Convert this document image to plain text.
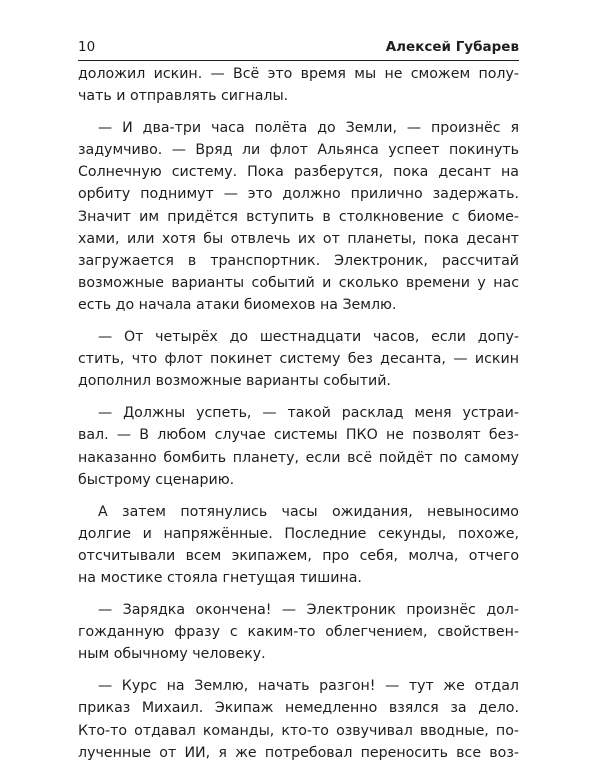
10	Алексей Губарев

доложил искин. — Всё это время мы не сможем полу-
чать и отправлять сигналы.

— И два-три часа полёта до Земли, — произнёс я
задумчиво. — Вряд ли флот Альянса успеет покинуть
Солнечную систему. Пока разберутся, пока десант на
орбиту поднимут — это должно прилично задержать.
Значит им придётся вступить в столкновение с биоме-
хами, или хотя бы отвлечь их от планеты, пока десант
загружается в транспортник. Электроник, рассчитай
возможные варианты событий и сколько времени у нас
есть до начала атаки биомехов на Землю.

— От четырёх до шестнадцати часов, если допу-
стить, что флот покинет систему без десанта, — искин
дополнил возможные варианты событий.

— Должны успеть, — такой расклад меня устраи-
вал. — В любом случае системы ПКО не позволят без-
наказанно бомбить планету, если всё пойдёт по самому
быстрому сценарию.

А затем потянулись часы ожидания, невыносимо
долгие и напряжённые. Последние секунды, похоже,
отсчитывали всем экипажем, про себя, молча, отчего
на мостике стояла гнетущая тишина.

— Зарядка окончена! — Электроник произнёс дол-
гожданную фразу с каким-то облегчением, свойствен-
ным обычному человеку.

— Курс на Землю, начать разгон! — тут же отдал
приказ Михаил. Экипаж немедленно взялся за дело.
Кто-то отдавал команды, кто-то озвучивал вводные, по-
лученные от ИИ, я же потребовал переносить все воз-
